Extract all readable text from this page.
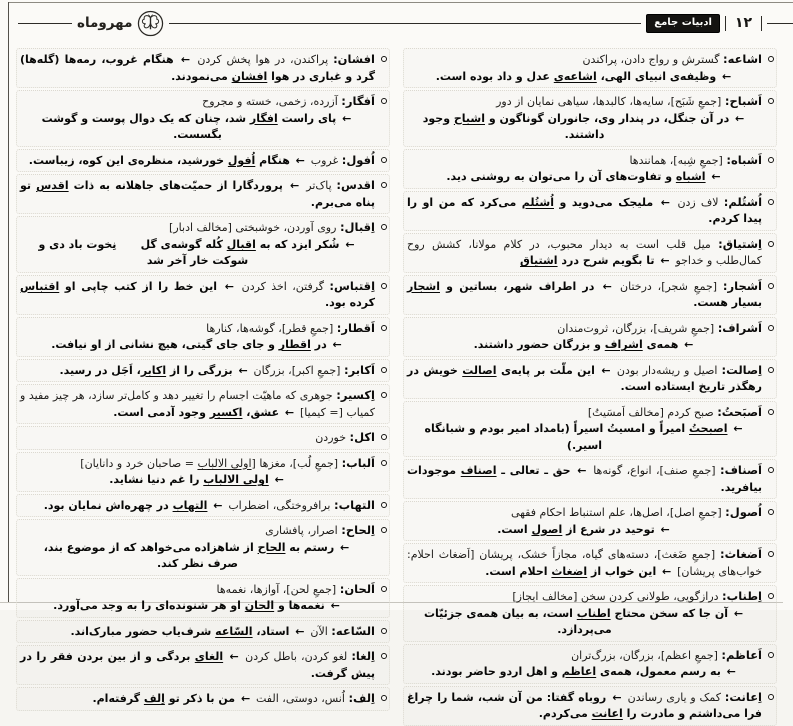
۱۲
ادبیات جامع
مهروماه
اشاعه: گسترش و رواج دادن، پراکندن
← وظیفه‌ی انبیای الهی، اشاعه‌ی عدل و داد بوده است.
اَشباح: [جمعِ شَبَح]، سایه‌ها، کالبدها، سیاهی نمایان از دور
← در آن جنگل، در پندار وی، جانوران گوناگون و اشباح وجود داشتند.
اَشباه: [جمعِ شِبه]، همانندها
← اشباه و تفاوت‌های آن را می‌توان به روشنی دید.
اُشتُلم: لاف زدن ← ملیجک می‌دوید و اُشتُلم می‌کرد که من او را پیدا کردم.
اِشتیاق: میل قلب است به دیدار محبوب، در کلام مولانا، کشش روح کمال‌طلب و خداجو ← تا بگویم شرح درد اشتیاق
اَشجار: [جمعِ شجر]، درختان ← در اطراف شهر، بساتین و اشجار بسیار هست.
اَشراف: [جمعِ شریف]، بزرگان، ثروت‌مندان
← همه‌ی اشراف و بزرگان حضور داشتند.
اِصالت: اصیل و ریشه‌دار بودن ← این ملّت بر پایه‌ی اصالت خویش در رهگذر تاریخ ایستاده است.
اَصبَحتُ: صبح کردم [مخالف اَمسَیتُ]
← اصبحتُ امیراً و امسیتُ اسیراً (بامداد امیر بودم و شبانگاه اسیر.)
اَصناف: [جمعِ صنف]، انواع، گونه‌ها ← حق ـ تعالی ـ اصناف موجودات بیافرید.
اُصول: [جمعِ اصل]، اصل‌ها، علم استنباط احکام فقهی
← توحید در شرع از اصول است.
اَضغاث: [جمعِ ضَغث]، دسته‌های گیاه، مجازاً خشک، پریشان [اَضغاث احلام: خواب‌های پریشان] ← این خواب از اضغاث احلام است.
اِطناب: درازگویی، طولانی کردن سخن [مخالف ایجاز]
← آن جا که سخن محتاج اطناب است، به بیان همه‌ی جزئیّات می‌پردازد.
اَعاظم: [جمعِ اعظم]، بزرگان، بزرگ‌تران
← به رسم معمول، همه‌ی اعاظم و اهل اردو حاضر بودند.
اِعانت: کمک و یاری رساندن ← روباه گفتا: من آن شب، شما را چراغ فرا می‌داشتم و مادرت را اعانت می‌کردم.
افشان: پراکندن، در هوا پخش کردن ← هنگام غروب، رمه‌ها (گله‌ها) گرد و غباری در هوا افشان می‌نمودند.
اَفگار: آزرده، زخمی، خسته و مجروح
← پای راست افگار شد، چنان که یک دوال پوست و گوشت بگسست.
اُفول: غروب ← هنگام اُفول خورشید، منظره‌ی این کوه، زیباست.
اقدس: پاک‌تر ← پروردگارا از حمیّت‌های جاهلانه به ذات اقدس تو پناه می‌برم.
اِقبال: روی آوردن، خوشبختی [مخالف ادبار]
← شُکر ایزد که به اقبال کُله گوشه‌ی گل    نِخوت باد دی و شوکت خار آخر شد
اِقتباس: گرفتن، اخذ کردن ← این خط را از کتب چاپی او اقتباس کرده بود.
اَقطار: [جمعِ قطر]، گوشه‌ها، کنارها
← در اقطار و جای جای گیتی، هیچ نشانی از او نیافت.
اَکابر: [جمعِ اکبر]، بزرگان ← بزرگی را از اکابر، اَجَل در رسید.
اِکسیر: جوهری که ماهیّت اجسام را تغییر دهد و کامل‌تر سازد، هر چیز مفید و کمیاب [= کیمیا] ← عشق، اکسیر وجود آدمی است.
اکل: خوردن
اَلباب: [جمعِ لُب]، مغزها [اولی الالباب = صاحبان خرد و دانایان]
← اولی الالباب را غم دنیا نشاید.
التهاب: برافروختگی، اضطراب ← التهاب در چهره‌اش نمایان بود.
اِلحاح: اصرار، پافشاری
← رستم به الحاح از شاهزاده می‌خواهد که از موضوع بند، صرف نظر کند.
اَلحان: [جمعِ لحن]، آوازها، نغمه‌ها
← نغمه‌ها و الحان او هر شنونده‌ای را به وجد می‌آورد.
السّاعه: الآن ← استاد، السّاعه شرف‌یاب حضور مبارک‌اند.
اِلغا: لغو کردن، باطل کردن ← الغای بردگی و از بین بردن فقر را در پیش گرفت.
اِلف: اُنس، دوستی، الفت ← من با ذکر تو اِلف گرفته‌ام.
